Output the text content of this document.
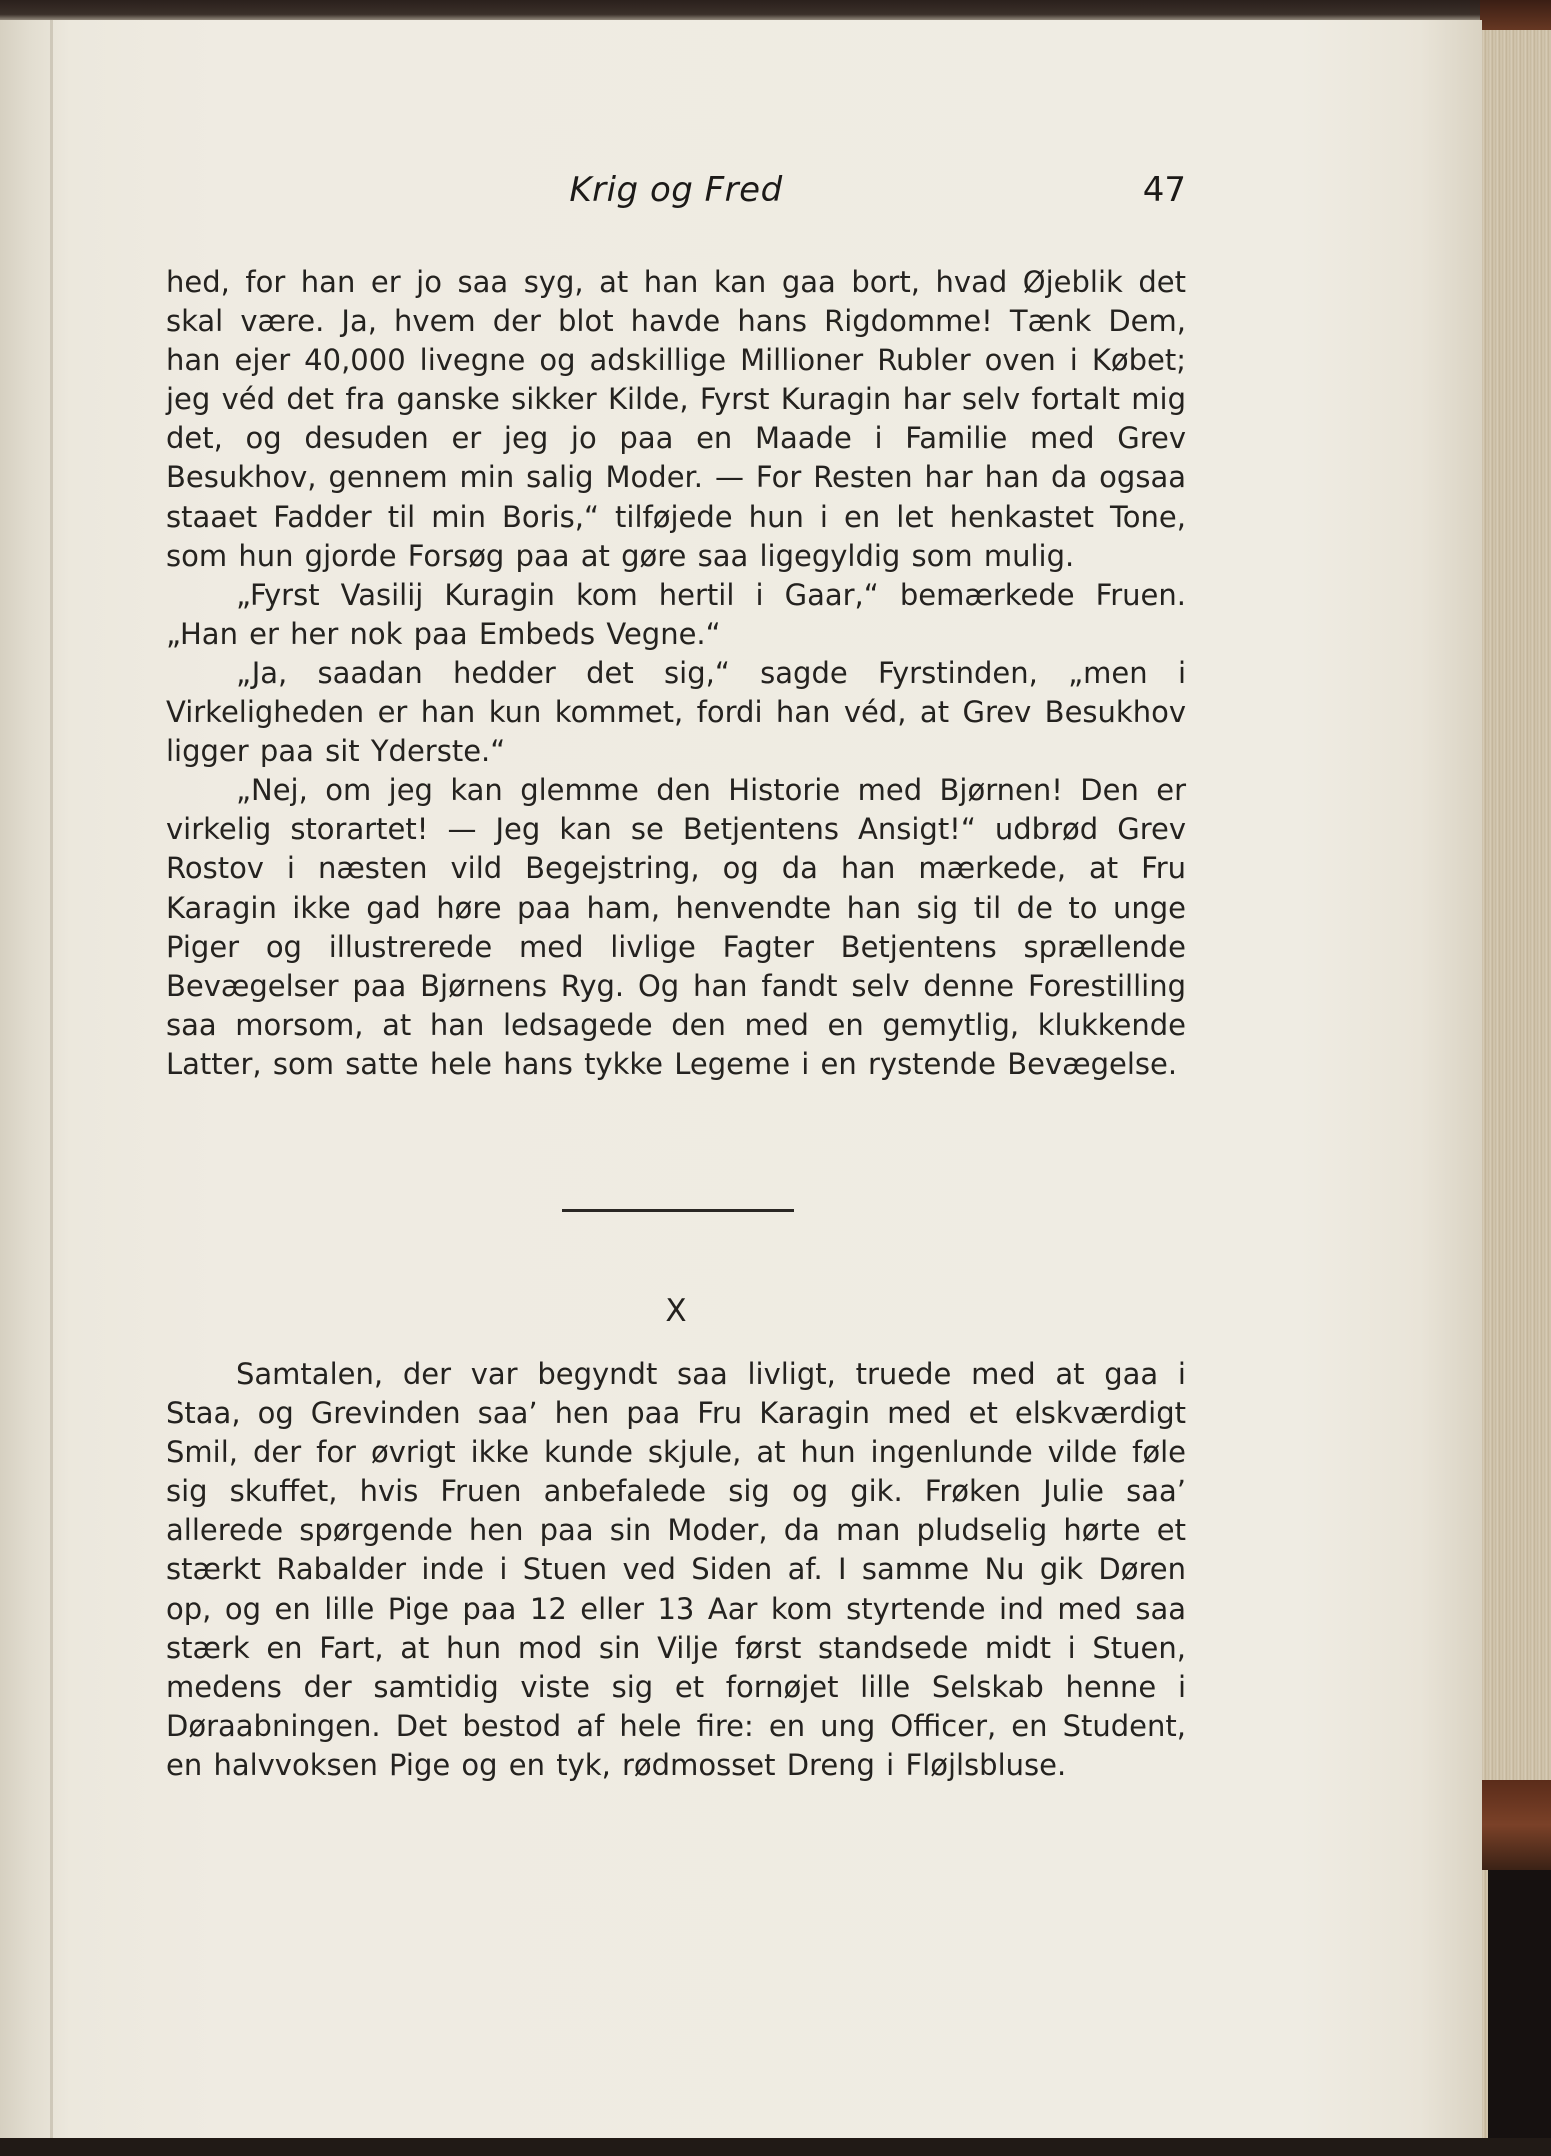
Krig og Fred	47

hed, for han er jo saa syg, at han kan gaa bort, hvad Øjeblik det skal være. Ja, hvem der blot havde hans Rigdomme! Tænk Dem, han ejer 40,000 livegne og adskillige Millioner Rubler oven i Købet; jeg véd det fra ganske sikker Kilde, Fyrst Kuragin har selv fortalt mig det, og desuden er jeg jo paa en Maade i Familie med Grev Besukhov, gennem min salig Moder. — For Resten har han da ogsaa staaet Fadder til min Boris,“ tilføjede hun i en let henkastet Tone, som hun gjorde Forsøg paa at gøre saa ligegyldig som mulig.

„Fyrst Vasilij Kuragin kom hertil i Gaar,“ bemærkede Fruen. „Han er her nok paa Embeds Vegne.“

„Ja, saadan hedder det sig,“ sagde Fyrstinden, „men i Virkeligheden er han kun kommet, fordi han véd, at Grev Besukhov ligger paa sit Yderste.“

„Nej, om jeg kan glemme den Historie med Bjørnen! Den er virkelig storartet! — Jeg kan se Betjentens Ansigt!“ udbrød Grev Rostov i næsten vild Begejstring, og da han mærkede, at Fru Karagin ikke gad høre paa ham, henvendte han sig til de to unge Piger og illustrerede med livlige Fagter Betjentens sprællende Bevægelser paa Bjørnens Ryg. Og han fandt selv denne Forestilling saa morsom, at han ledsagede den med en gemytlig, klukkende Latter, som satte hele hans tykke Legeme i en rystende Bevægelse.

X

Samtalen, der var begyndt saa livligt, truede med at gaa i Staa, og Grevinden saa’ hen paa Fru Karagin med et elskværdigt Smil, der for øvrigt ikke kunde skjule, at hun ingenlunde vilde føle sig skuffet, hvis Fruen anbefalede sig og gik. Frøken Julie saa’ allerede spørgende hen paa sin Moder, da man pludselig hørte et stærkt Rabalder inde i Stuen ved Siden af. I samme Nu gik Døren op, og en lille Pige paa 12 eller 13 Aar kom styrtende ind med saa stærk en Fart, at hun mod sin Vilje først standsede midt i Stuen, medens der samtidig viste sig et fornøjet lille Selskab henne i Døraabningen. Det bestod af hele fire: en ung Officer, en Student, en halvvoksen Pige og en tyk, rødmosset Dreng i Fløjlsbluse.
